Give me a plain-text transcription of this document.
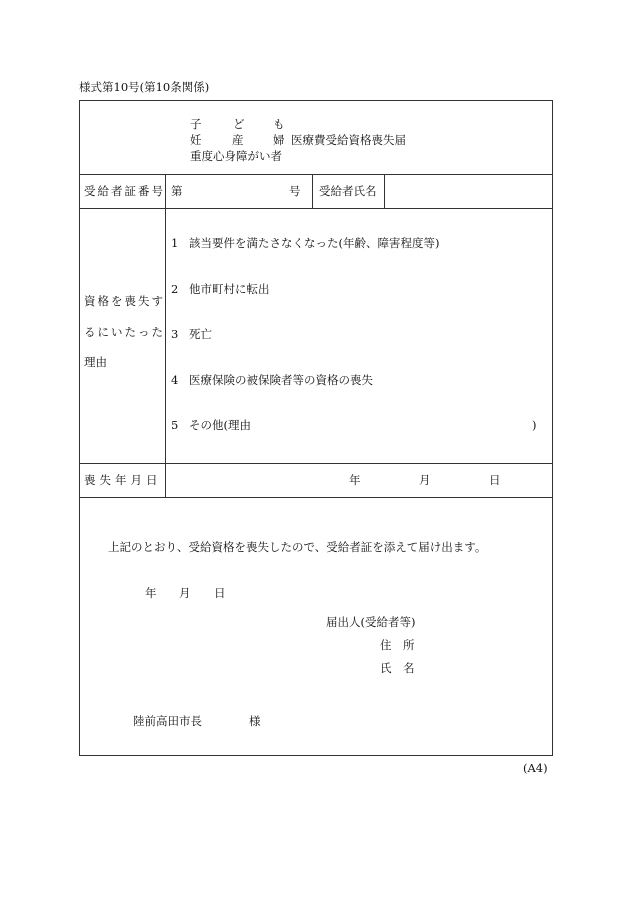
様式第10号(第10条関係)
子	ど も
妊	産	婦 医療費受給資格喪失届
重度心身障がい者
受給者証番号 第	号 受給者氏名
資格を喪失す
るにいたった
理由
1 該当要件を満たさなくなった(年齢、障害程度等)
2 他市町村に転出
3 死亡
4 医療保険の被保険者等の資格の喪失
5 その他(理由	)
喪失年月日	年	月	日
上記のとおり、受給資格を喪失したので、受給者証を添えて届け出ます。
年 月 日
届出人(受給者等)
住　所
氏　名
陸前高田市長	様
(A4)
